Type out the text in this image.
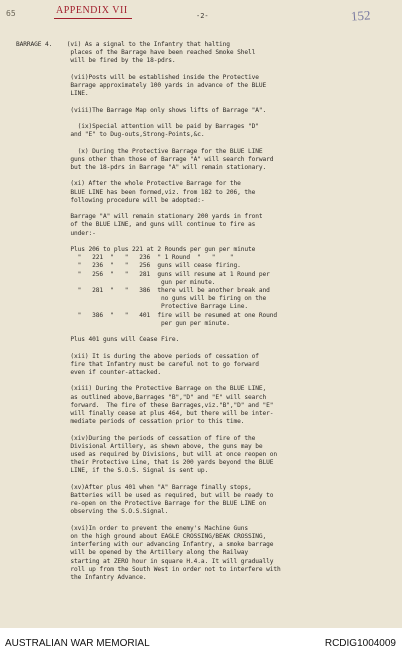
65	APPENDIX VII	-2-	152
BARRAGE 4.    (vi) As a signal to the Infantry that halting
places of the Barrage have been reached Smoke Shell
will be fired by the 18-pdrs.
(vii)Posts will be established inside the Protective
Barrage approximately 100 yards in advance of the BLUE
LINE.
(viii)The Barrage Map only shows lifts of Barrage "A".
(ix)Special attention will be paid by Barrages "D"
and "E" to Dug-outs,Strong-Points,&c.
(x) During the Protective Barrage for the BLUE LINE
guns other than those of Barrage "A" will search forward
but the 18-pdrs in Barrage "A" will remain stationary.
(xi) After the whole Protective Barrage for the
BLUE LINE has been formed,viz. from 182 to 206, the
following procedure will be adopted:-
Barrage "A" will remain stationary 200 yards in front
of the BLUE LINE, and guns will continue to fire as
under:-
Plus 206 to plus 221 at 2 Rounds per gun per minute
"   221  "   "   236  " 1 Round  "   "    "
"   236  "   "   256  guns will cease firing.
"   256  "   "   281  guns will resume at 1 Round per
gun per minute.
"   281  "   "   386  there will be another break and
no guns will be firing on the
Protective Barrage Line.
"   386  "   "   401  fire will be resumed at one Round
per gun per minute.
Plus 401 guns will Cease Fire.
(xii) It is during the above periods of cessation of
fire that Infantry must be careful not to go forward
even if counter-attacked.
(xiii) During the Protective Barrage on the BLUE LINE,
as outlined above,Barrages "B","D" and "E" will search
forward.  The fire of these Barrages,viz."B","D" and "E"
will finally cease at plus 464, but there will be inter-
mediate periods of cessation prior to this time.
(xiv)During the periods of cessation of fire of the
Divisional Artillery, as shewn above, the guns may be
used as required by Divisions, but will at once reopen on
their Protective Line, that is 200 yards beyond the BLUE
LINE, if the S.O.S. Signal is sent up.
(xv)After plus 401 when "A" Barrage finally stops,
Batteries will be used as required, but will be ready to
re-open on the Protective Barrage for the BLUE LINE on
observing the S.O.S.Signal.
(xvi)In order to prevent the enemy's Machine Guns
on the high ground about EAGLE CROSSING/BEAK CROSSING,
interfering with our advancing Infantry, a smoke barrage
will be opened by the Artillery along the Railway
starting at ZERO hour in square H.4.a. It will gradually
roll up from the South West in order not to interfere with
the Infantry Advance.
AUSTRALIAN WAR MEMORIAL	RCDIG1004009
